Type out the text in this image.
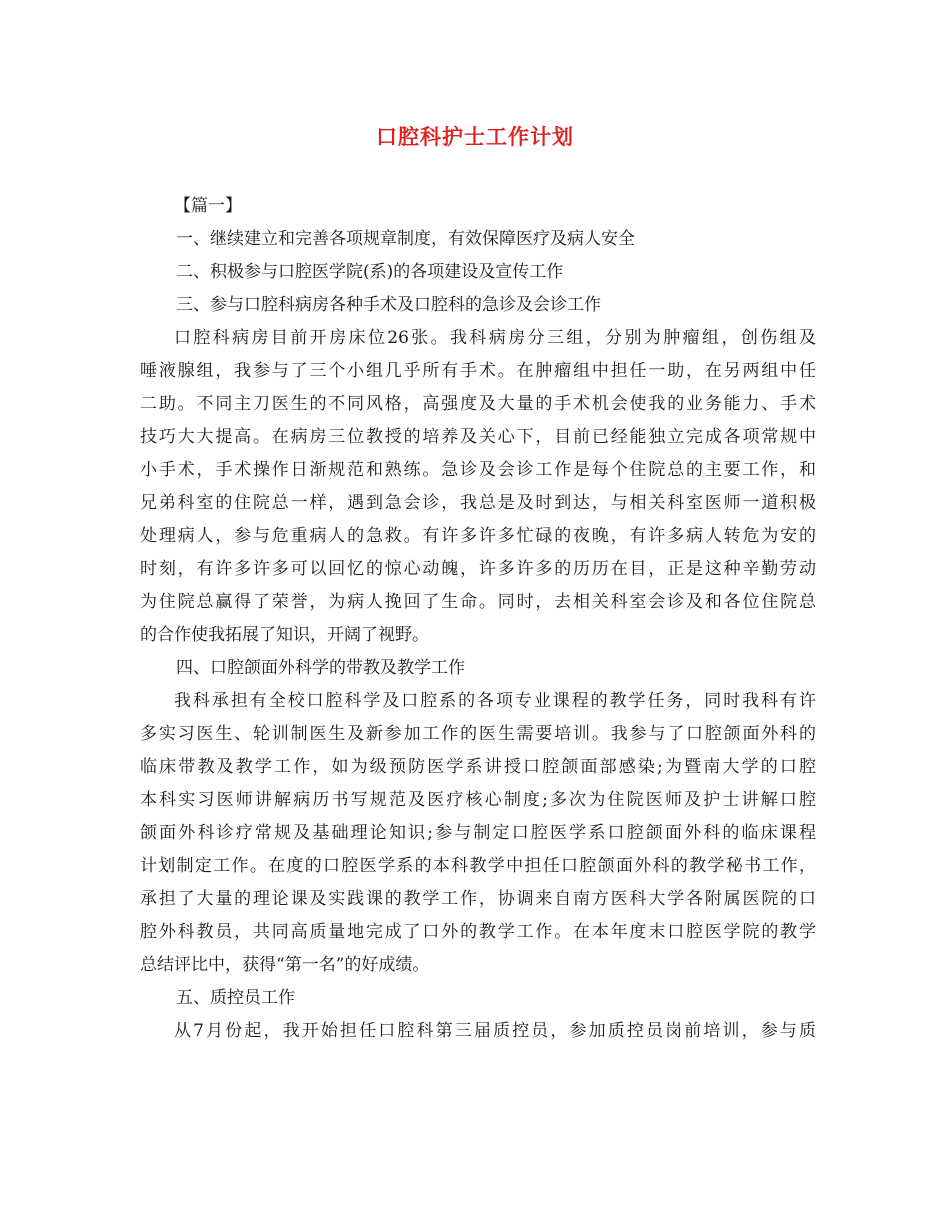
口腔科护士工作计划
【篇一】
一、继续建立和完善各项规章制度，有效保障医疗及病人安全
二、积极参与口腔医学院(系)的各项建设及宣传工作
三、参与口腔科病房各种手术及口腔科的急诊及会诊工作
口腔科病房目前开房床位26张。我科病房分三组，分别为肿瘤组，创伤组及
唾液腺组，我参与了三个小组几乎所有手术。在肿瘤组中担任一助，在另两组中任
二助。不同主刀医生的不同风格，高强度及大量的手术机会使我的业务能力、手术
技巧大大提高。在病房三位教授的培养及关心下，目前已经能独立完成各项常规中
小手术，手术操作日渐规范和熟练。急诊及会诊工作是每个住院总的主要工作，和
兄弟科室的住院总一样，遇到急会诊，我总是及时到达，与相关科室医师一道积极
处理病人，参与危重病人的急救。有许多许多忙碌的夜晚，有许多病人转危为安的
时刻，有许多许多可以回忆的惊心动魄，许多许多的历历在目，正是这种辛勤劳动
为住院总赢得了荣誉，为病人挽回了生命。同时，去相关科室会诊及和各位住院总
的合作使我拓展了知识，开阔了视野。
四、口腔颌面外科学的带教及教学工作
我科承担有全校口腔科学及口腔系的各项专业课程的教学任务，同时我科有许
多实习医生、轮训制医生及新参加工作的医生需要培训。我参与了口腔颌面外科的
临床带教及教学工作，如为级预防医学系讲授口腔颌面部感染;为暨南大学的口腔
本科实习医师讲解病历书写规范及医疗核心制度;多次为住院医师及护士讲解口腔
颌面外科诊疗常规及基础理论知识;参与制定口腔医学系口腔颌面外科的临床课程
计划制定工作。在度的口腔医学系的本科教学中担任口腔颌面外科的教学秘书工作，
承担了大量的理论课及实践课的教学工作，协调来自南方医科大学各附属医院的口
腔外科教员，共同高质量地完成了口外的教学工作。在本年度末口腔医学院的教学
总结评比中，获得“第一名”的好成绩。
五、质控员工作
从7月份起，我开始担任口腔科第三届质控员，参加质控员岗前培训，参与质
